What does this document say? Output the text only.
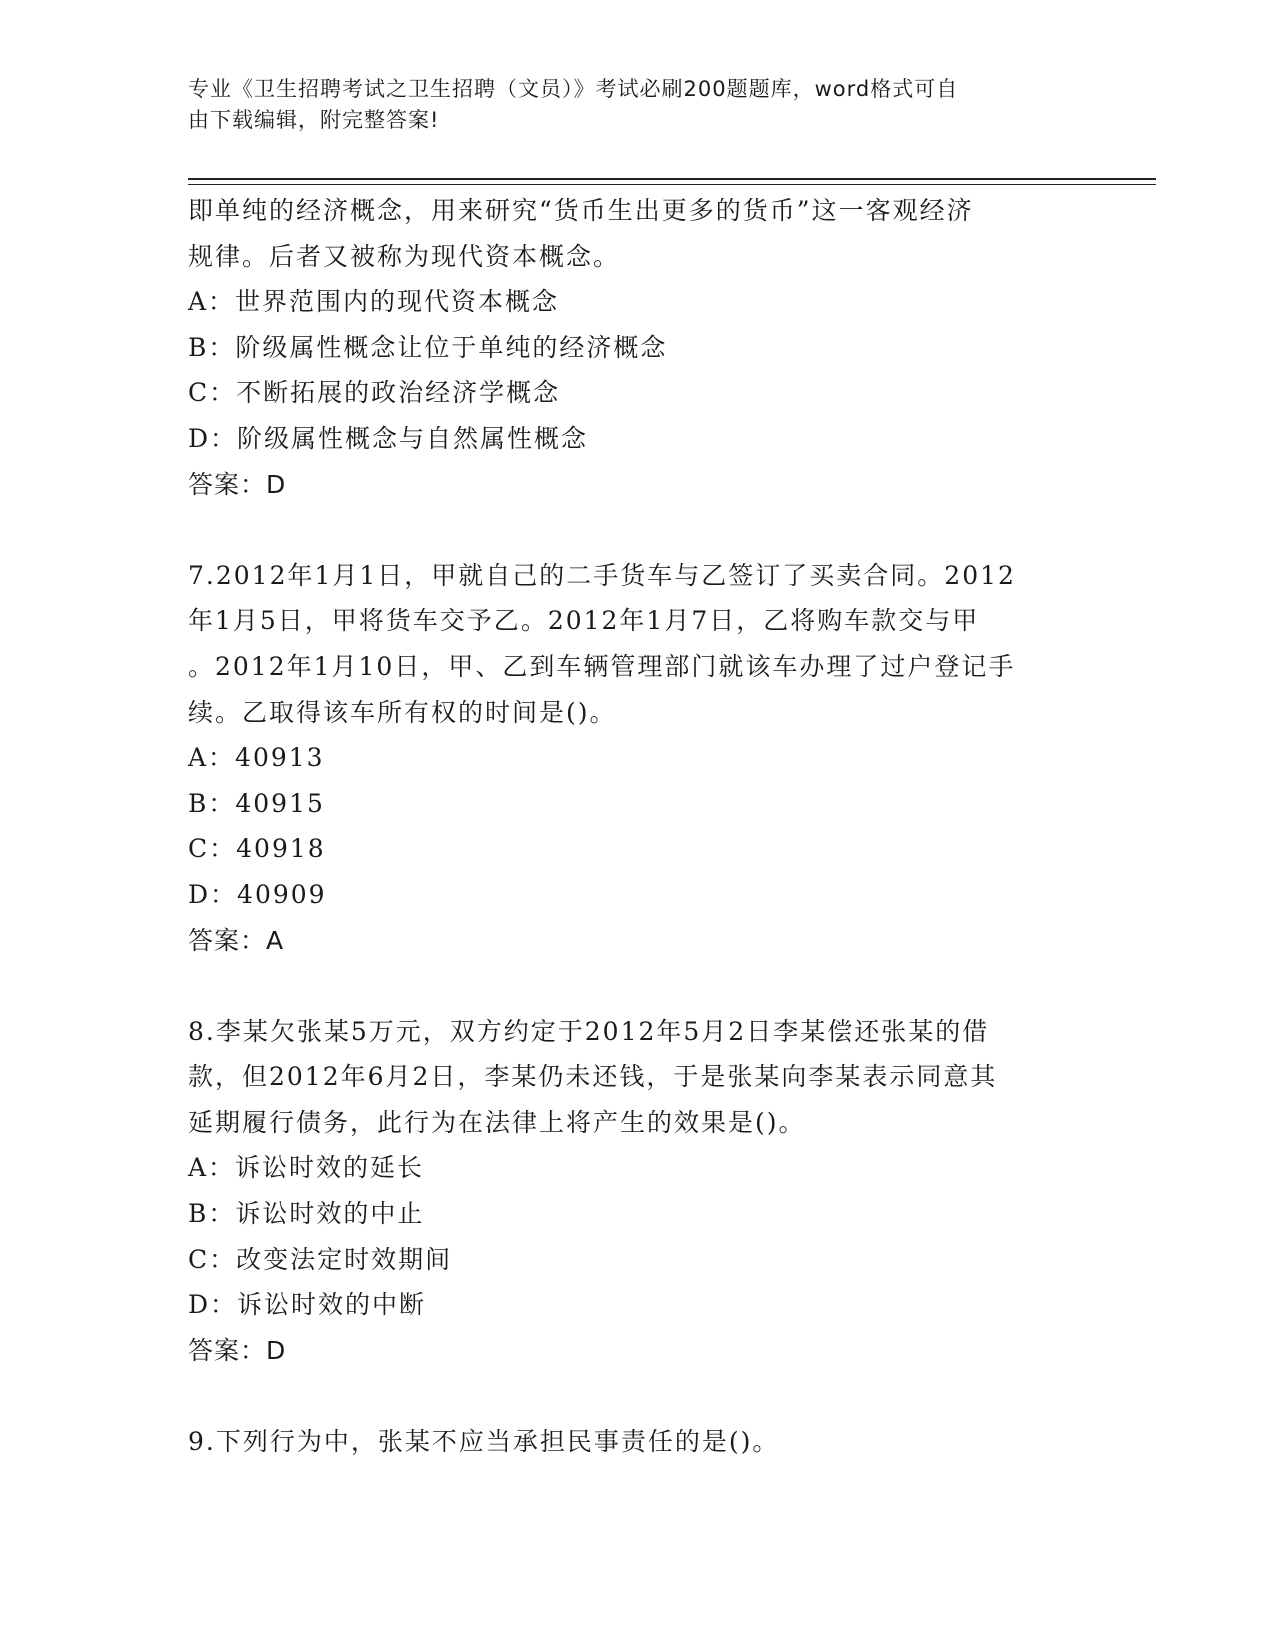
专业《卫生招聘考试之卫生招聘（文员）》考试必刷200题题库，word格式可自
由下载编辑，附完整答案!
即单纯的经济概念，用来研究“货币生出更多的货币”这一客观经济
规律。后者又被称为现代资本概念。
A：世界范围内的现代资本概念
B：阶级属性概念让位于单纯的经济概念
C：不断拓展的政治经济学概念
D：阶级属性概念与自然属性概念
答案：D
7.2012年1月1日，甲就自己的二手货车与乙签订了买卖合同。2012
年1月5日，甲将货车交予乙。2012年1月7日，乙将购车款交与甲
。2012年1月10日，甲、乙到车辆管理部门就该车办理了过户登记手
续。乙取得该车所有权的时间是()。
A：40913
B：40915
C：40918
D：40909
答案：A
8.李某欠张某5万元，双方约定于2012年5月2日李某偿还张某的借
款，但2012年6月2日，李某仍未还钱，于是张某向李某表示同意其
延期履行债务，此行为在法律上将产生的效果是()。
A：诉讼时效的延长
B：诉讼时效的中止
C：改变法定时效期间
D：诉讼时效的中断
答案：D
9.下列行为中，张某不应当承担民事责任的是()。
